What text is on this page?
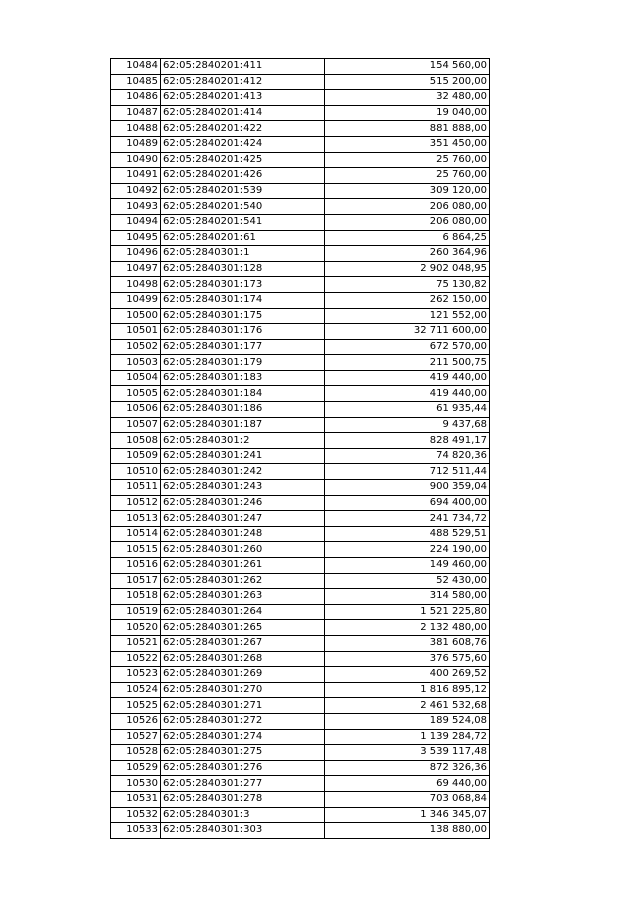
10484	62:05:2840201:411	154 560,00
10485	62:05:2840201:412	515 200,00
10486	62:05:2840201:413	32 480,00
10487	62:05:2840201:414	19 040,00
10488	62:05:2840201:422	881 888,00
10489	62:05:2840201:424	351 450,00
10490	62:05:2840201:425	25 760,00
10491	62:05:2840201:426	25 760,00
10492	62:05:2840201:539	309 120,00
10493	62:05:2840201:540	206 080,00
10494	62:05:2840201:541	206 080,00
10495	62:05:2840201:61	6 864,25
10496	62:05:2840301:1	260 364,96
10497	62:05:2840301:128	2 902 048,95
10498	62:05:2840301:173	75 130,82
10499	62:05:2840301:174	262 150,00
10500	62:05:2840301:175	121 552,00
10501	62:05:2840301:176	32 711 600,00
10502	62:05:2840301:177	672 570,00
10503	62:05:2840301:179	211 500,75
10504	62:05:2840301:183	419 440,00
10505	62:05:2840301:184	419 440,00
10506	62:05:2840301:186	61 935,44
10507	62:05:2840301:187	9 437,68
10508	62:05:2840301:2	828 491,17
10509	62:05:2840301:241	74 820,36
10510	62:05:2840301:242	712 511,44
10511	62:05:2840301:243	900 359,04
10512	62:05:2840301:246	694 400,00
10513	62:05:2840301:247	241 734,72
10514	62:05:2840301:248	488 529,51
10515	62:05:2840301:260	224 190,00
10516	62:05:2840301:261	149 460,00
10517	62:05:2840301:262	52 430,00
10518	62:05:2840301:263	314 580,00
10519	62:05:2840301:264	1 521 225,80
10520	62:05:2840301:265	2 132 480,00
10521	62:05:2840301:267	381 608,76
10522	62:05:2840301:268	376 575,60
10523	62:05:2840301:269	400 269,52
10524	62:05:2840301:270	1 816 895,12
10525	62:05:2840301:271	2 461 532,68
10526	62:05:2840301:272	189 524,08
10527	62:05:2840301:274	1 139 284,72
10528	62:05:2840301:275	3 539 117,48
10529	62:05:2840301:276	872 326,36
10530	62:05:2840301:277	69 440,00
10531	62:05:2840301:278	703 068,84
10532	62:05:2840301:3	1 346 345,07
10533	62:05:2840301:303	138 880,00
